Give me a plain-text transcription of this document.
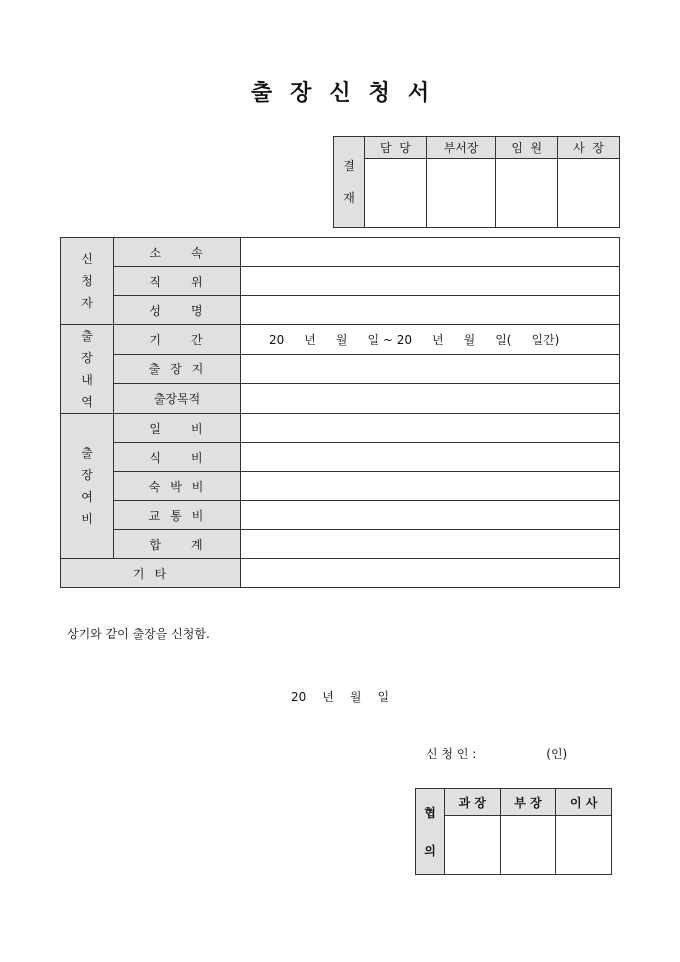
출 장 신 청 서
결
재	담  당	부서장	임  원	사  장

신
청
자	소 속	
	직 위	
	성 명	
출
장
내
역	기 간	20 년 월 일 ~ 20 년 월 일( 일간)
	출 장 지	
	출장목적	
출
장
여
비	일 비	
	식 비	
	숙 박 비	
	교 통 비	
	합 계	
기 타		
상기와 같이 출장을 신청함.
20 년 월 일
신 청 인 :	(인)
협
의	과 장	부 장	이 사
